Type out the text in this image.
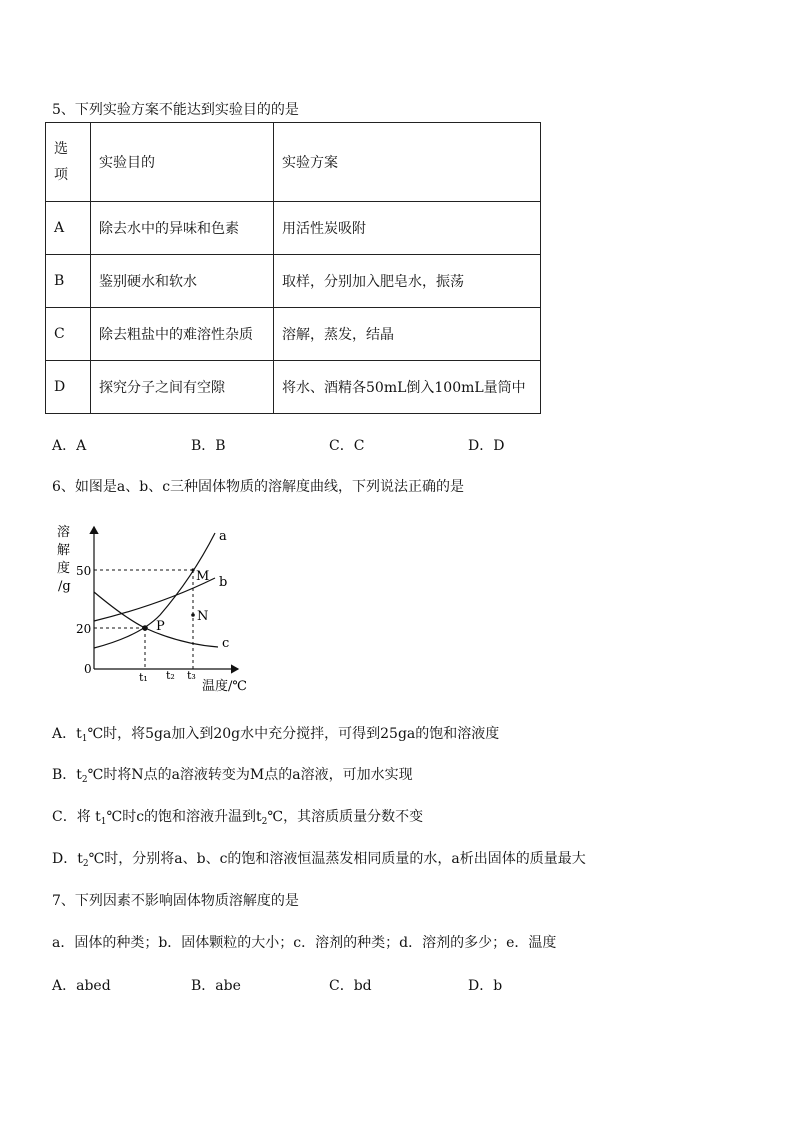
5、下列实验方案不能达到实验目的的是
选
项	实验目的	实验方案
A	除去水中的异味和色素	用活性炭吸附
B	鉴别硬水和软水	取样，分别加入肥皂水，振荡
C	除去粗盐中的难溶性杂质	溶解，蒸发，结晶
D	探究分子之间有空隙	将水、酒精各50mL倒入100mL量筒中
A．A	B．B	C．C	D．D
6、如图是a、b、c三种固体物质的溶解度曲线，下列说法正确的是
溶
解
度
/g
50
20
0
t₁ t₂ t₃
温度/℃
a
b
c
M
N
P
A．$t_1℃$时，将5ga加入到20g水中充分搅拌，可得到25ga的饱和溶液度
B．$t_2℃$时将N点的a溶液转变为M点的a溶液，可加水实现
C．将 $t_1℃$时c的饱和溶液升温到$t_2℃$，其溶质质量分数不变
D．$t_2℃$时，分别将a、b、c的饱和溶液恒温蒸发相同质量的水，a析出固体的质量最大
7、下列因素不影响固体物质溶解度的是
a．固体的种类；b．固体颗粒的大小；c．溶剂的种类；d．溶剂的多少；e．温度
A．abed	B．abe	C．bd	D．b
